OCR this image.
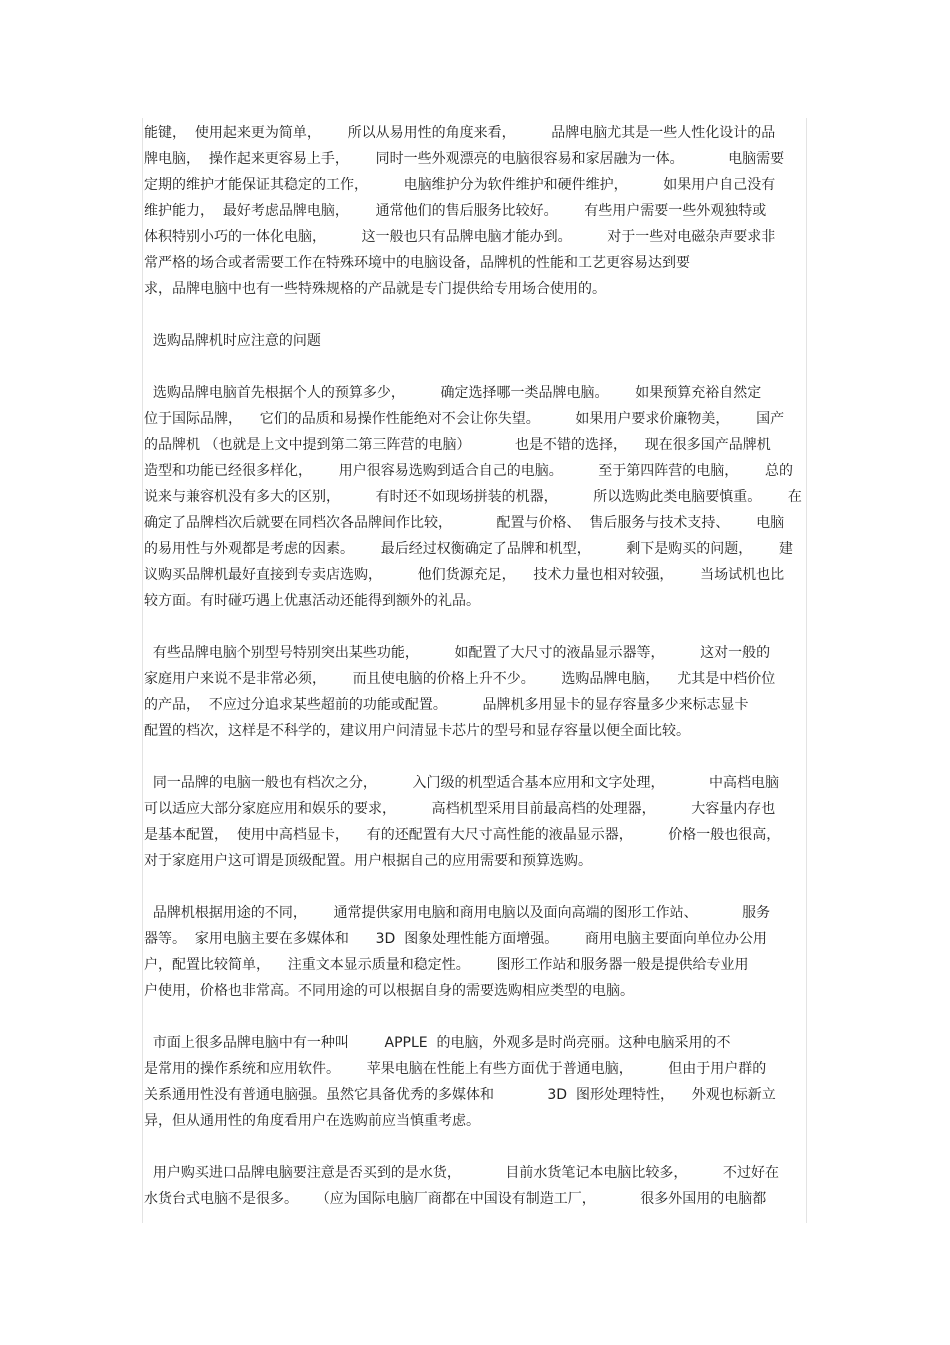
能键，  使用起来更为简单，      所以从易用性的角度来看，        品牌电脑尤其是一些人性化设计的品
牌电脑，  操作起来更容易上手，      同时一些外观漂亮的电脑很容易和家居融为一体。          电脑需要
定期的维护才能保证其稳定的工作，        电脑维护分为软件维护和硬件维护，        如果用户自己没有
维护能力，  最好考虑品牌电脑，      通常他们的售后服务比较好。      有些用户需要一些外观独特或
体积特别小巧的一体化电脑，        这一般也只有品牌电脑才能办到。        对于一些对电磁杂声要求非
常严格的场合或者需要工作在特殊环境中的电脑设备，品牌机的性能和工艺更容易达到要
求，品牌电脑中也有一些特殊规格的产品就是专门提供给专用场合使用的。
选购品牌机时应注意的问题
选购品牌电脑首先根据个人的预算多少，        确定选择哪一类品牌电脑。      如果预算充裕自然定
位于国际品牌，    它们的品质和易操作性能绝对不会让你失望。        如果用户要求价廉物美，      国产
的品牌机 （也就是上文中提到第二第三阵营的电脑）          也是不错的选择，    现在很多国产品牌机
造型和功能已经很多样化，      用户很容易选购到适合自己的电脑。        至于第四阵营的电脑，      总的
说来与兼容机没有多大的区别，        有时还不如现场拼装的机器，        所以选购此类电脑要慎重。      在
确定了品牌档次后就要在同档次各品牌间作比较，          配置与价格、  售后服务与技术支持、      电脑
的易用性与外观都是考虑的因素。      最后经过权衡确定了品牌和机型，        剩下是购买的问题，      建
议购买品牌机最好直接到专卖店选购，        他们货源充足，    技术力量也相对较强，      当场试机也比
较方面。有时碰巧遇上优惠活动还能得到额外的礼品。
有些品牌电脑个别型号特别突出某些功能，        如配置了大尺寸的液晶显示器等，        这对一般的
家庭用户来说不是非常必须，      而且使电脑的价格上升不少。      选购品牌电脑，    尤其是中档价位
的产品，  不应过分追求某些超前的功能或配置。        品牌机多用显卡的显存容量多少来标志显卡
配置的档次，这样是不科学的，建议用户问清显卡芯片的型号和显存容量以便全面比较。
同一品牌的电脑一般也有档次之分，        入门级的机型适合基本应用和文字处理，          中高档电脑
可以适应大部分家庭应用和娱乐的要求，        高档机型采用目前最高档的处理器，        大容量内存也
是基本配置，  使用中高档显卡，    有的还配置有大尺寸高性能的液晶显示器，        价格一般也很高，
对于家庭用户这可谓是顶级配置。用户根据自己的应用需要和预算选购。
品牌机根据用途的不同，      通常提供家用电脑和商用电脑以及面向高端的图形工作站、          服务
器等。  家用电脑主要在多媒体和      3D  图象处理性能方面增强。      商用电脑主要面向单位办公用
户，配置比较简单，    注重文本显示质量和稳定性。      图形工作站和服务器一般是提供给专业用
户使用，价格也非常高。不同用途的可以根据自身的需要选购相应类型的电脑。
市面上很多品牌电脑中有一种叫        APPLE  的电脑，外观多是时尚亮丽。这种电脑采用的不
是常用的操作系统和应用软件。      苹果电脑在性能上有些方面优于普通电脑，        但由于用户群的
关系通用性没有普通电脑强。虽然它具备优秀的多媒体和            3D  图形处理特性，    外观也标新立
异，但从通用性的角度看用户在选购前应当慎重考虑。
用户购买进口品牌电脑要注意是否买到的是水货，          目前水货笔记本电脑比较多，        不过好在
水货台式电脑不是很多。    （应为国际电脑厂商都在中国设有制造工厂，          很多外国用的电脑都
